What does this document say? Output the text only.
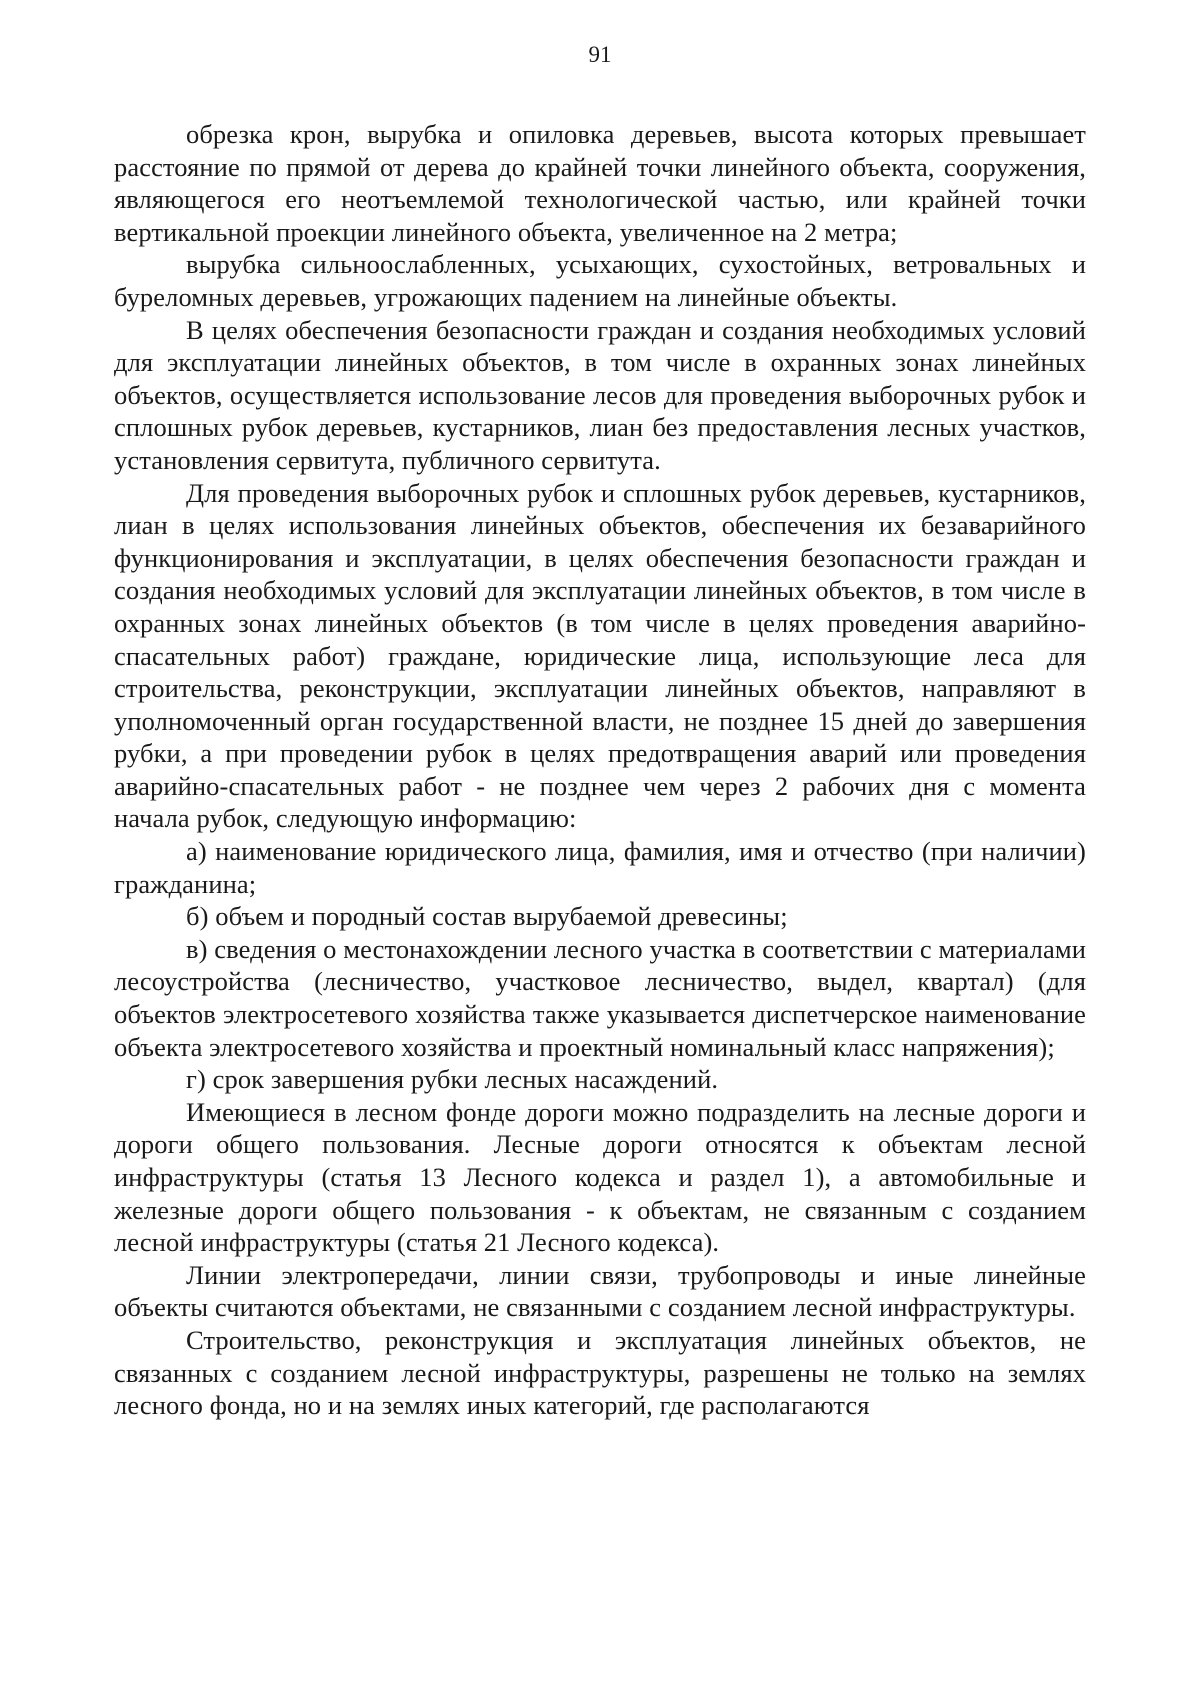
91

обрезка крон, вырубка и опиловка деревьев, высота которых превышает расстояние по прямой от дерева до крайней точки линейного объекта, сооружения, являющегося его неотъемлемой технологической частью, или крайней точки вертикальной проекции линейного объекта, увеличенное на 2 метра;

вырубка сильноослабленных, усыхающих, сухостойных, ветровальных и буреломных деревьев, угрожающих падением на линейные объекты.

В целях обеспечения безопасности граждан и создания необходимых условий для эксплуатации линейных объектов, в том числе в охранных зонах линейных объектов, осуществляется использование лесов для проведения выборочных рубок и сплошных рубок деревьев, кустарников, лиан без предоставления лесных участков, установления сервитута, публичного сервитута.

Для проведения выборочных рубок и сплошных рубок деревьев, кустарников, лиан в целях использования линейных объектов, обеспечения их безаварийного функционирования и эксплуатации, в целях обеспечения безопасности граждан и создания необходимых условий для эксплуатации линейных объектов, в том числе в охранных зонах линейных объектов (в том числе в целях проведения аварийно-спасательных работ) граждане, юридические лица, использующие леса для строительства, реконструкции, эксплуатации линейных объектов, направляют в уполномоченный орган государственной власти, не позднее 15 дней до завершения рубки, а при проведении рубок в целях предотвращения аварий или проведения аварийно-спасательных работ - не позднее чем через 2 рабочих дня с момента начала рубок, следующую информацию:

а) наименование юридического лица, фамилия, имя и отчество (при наличии) гражданина;

б) объем и породный состав вырубаемой древесины;

в) сведения о местонахождении лесного участка в соответствии с материалами лесоустройства (лесничество, участковое лесничество, выдел, квартал) (для объектов электросетевого хозяйства также указывается диспетчерское наименование объекта электросетевого хозяйства и проектный номинальный класс напряжения);

г) срок завершения рубки лесных насаждений.

Имеющиеся в лесном фонде дороги можно подразделить на лесные дороги и дороги общего пользования. Лесные дороги относятся к объектам лесной инфраструктуры (статья 13 Лесного кодекса и раздел 1), а автомобильные и железные дороги общего пользования - к объектам, не связанным с созданием лесной инфраструктуры (статья 21 Лесного кодекса).

Линии электропередачи, линии связи, трубопроводы и иные линейные объекты считаются объектами, не связанными с созданием лесной инфраструктуры.

Строительство, реконструкция и эксплуатация линейных объектов, не связанных с созданием лесной инфраструктуры, разрешены не только на землях лесного фонда, но и на землях иных категорий, где располагаются
